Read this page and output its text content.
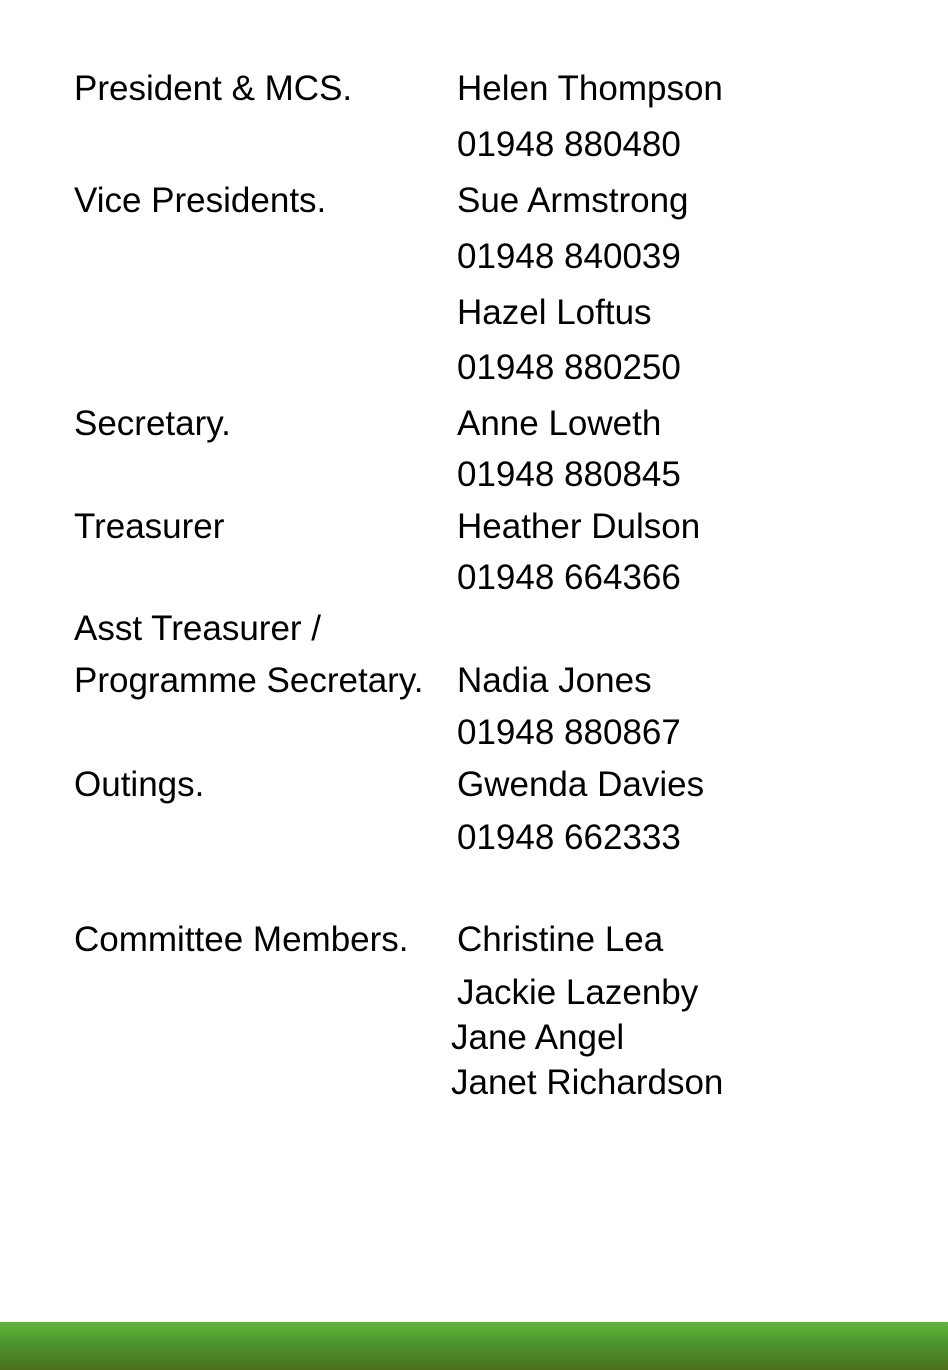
President & MCS.
Vice Presidents.
Secretary.
Treasurer
Asst Treasurer /
Programme Secretary.
Outings.
Committee Members.
Helen Thompson
01948 880480
Sue Armstrong
01948 840039
Hazel Loftus
01948 880250
Anne Loweth
01948 880845
Heather Dulson
01948 664366
Nadia Jones
01948 880867
Gwenda Davies
01948 662333
Christine Lea
Jackie Lazenby
Jane Angel
Janet Richardson
